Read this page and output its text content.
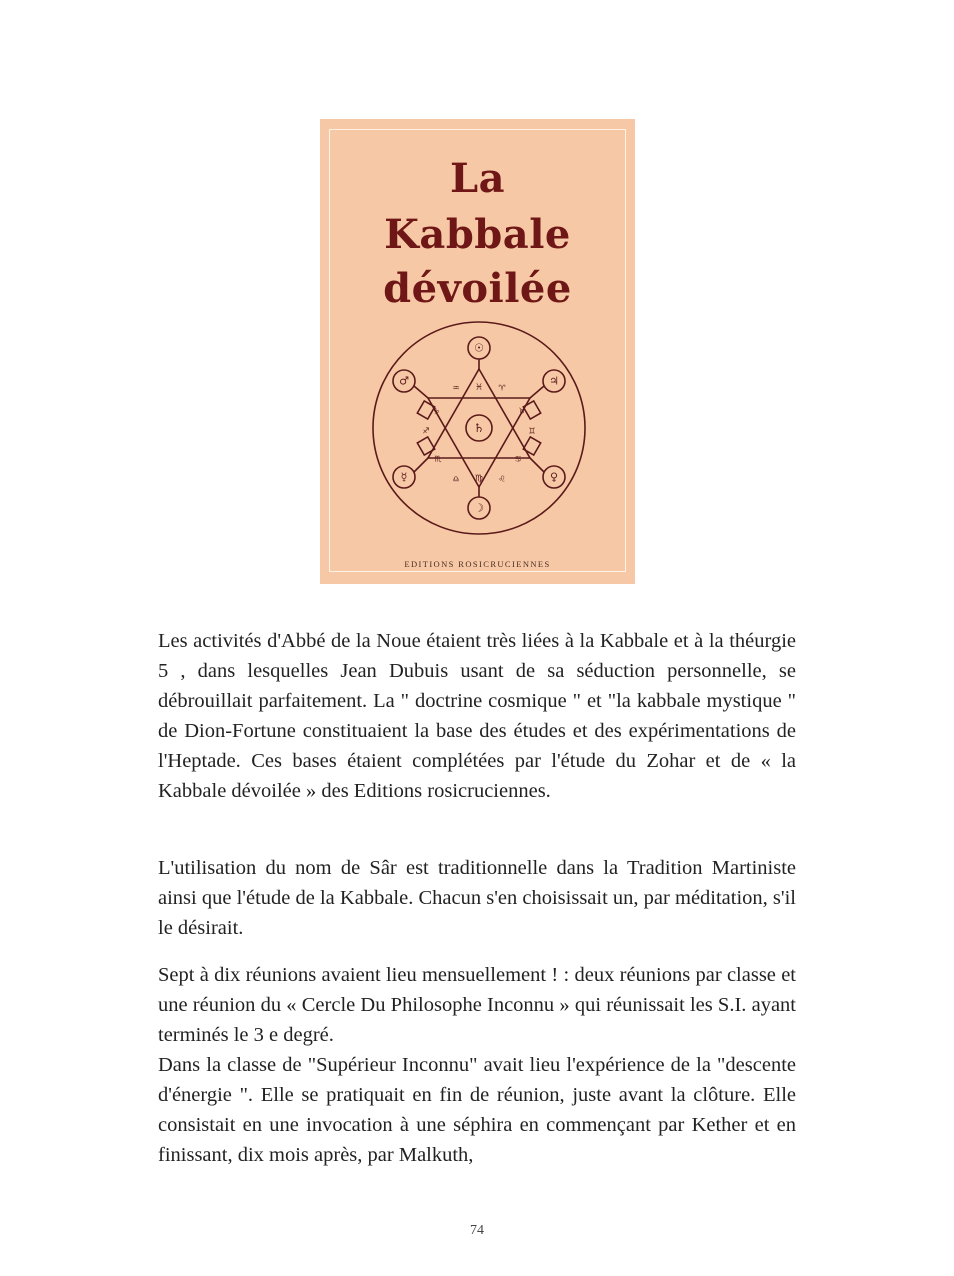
La
Kabbale
dévoilée
☉
♂	♃
♄
☿	♀
☽
♒ ♓ ♈
♑	♉
♐	♊
♏	♋
♎ ♍ ♌
EDITIONS ROSICRUCIENNES

Les activités d'Abbé de la Noue étaient très liées à la Kabbale et à la théurgie 5 , dans lesquelles Jean Dubuis usant de sa séduction personnelle, se débrouillait parfaitement. La " doctrine cosmique " et "la kabbale mystique " de Dion-Fortune constituaient la base des études et des expérimentations de l'Heptade. Ces bases étaient complétées par l'étude du Zohar et de « la Kabbale dévoilée » des Editions rosicruciennes.

L'utilisation du nom de Sâr est traditionnelle dans la Tradition Martiniste ainsi que l'étude de la Kabbale. Chacun s'en choisissait un, par méditation, s'il le désirait.

Sept à dix réunions avaient lieu mensuellement ! : deux réunions par classe et une réunion du « Cercle Du Philosophe Inconnu » qui réunissait les S.I. ayant terminés le 3 e degré.

Dans la classe de "Supérieur Inconnu" avait lieu l'expérience de la "descente d'énergie ". Elle se pratiquait en fin de réunion, juste avant la clôture. Elle consistait en une invocation à une séphira en commençant par Kether et en finissant, dix mois après, par Malkuth,

74
